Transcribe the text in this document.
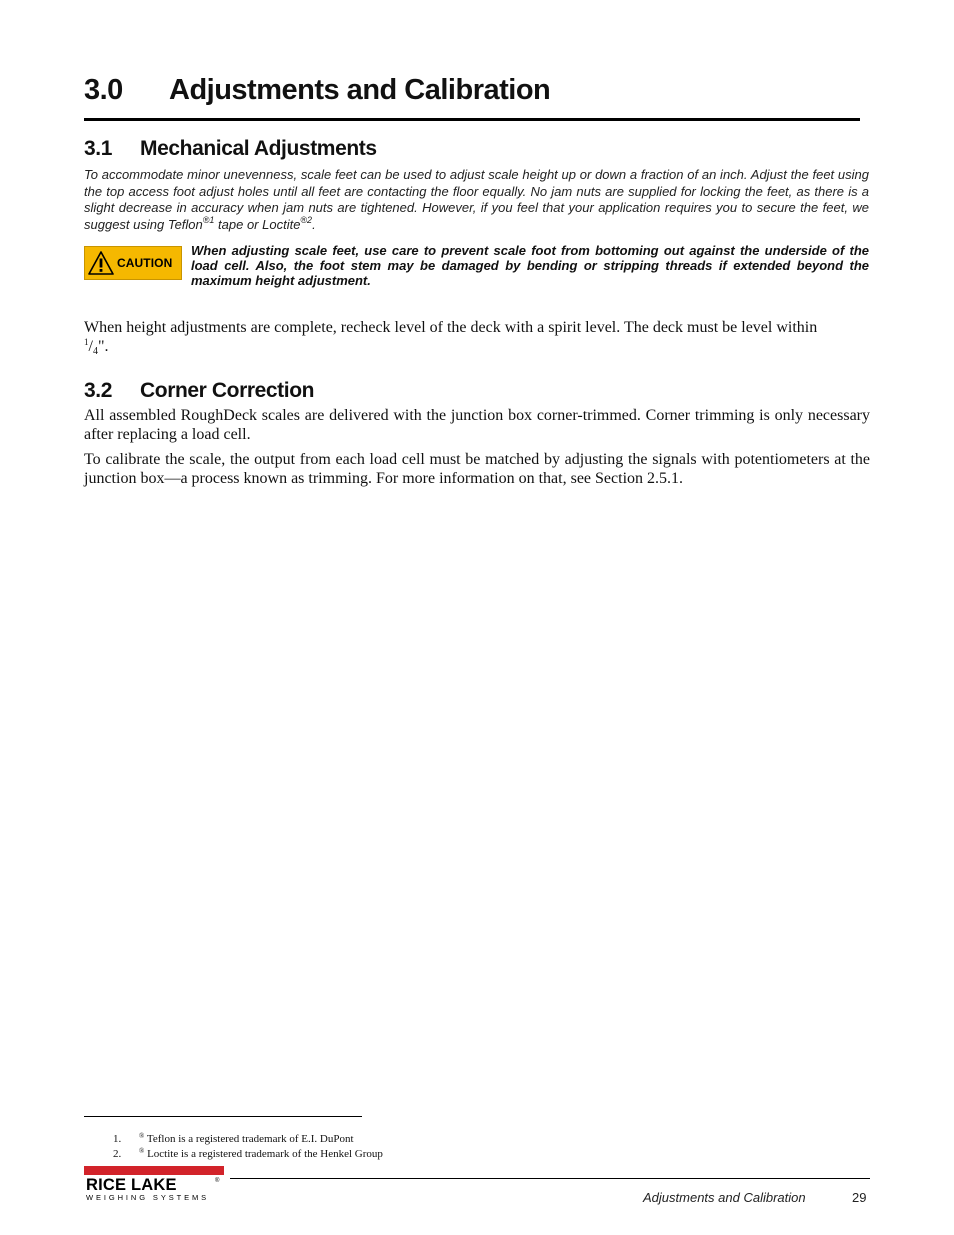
3.0 Adjustments and Calibration
3.1 Mechanical Adjustments

To accommodate minor unevenness, scale feet can be used to adjust scale height up or down a fraction of an inch. Adjust the feet using the top access foot adjust holes until all feet are contacting the floor equally. No jam nuts are supplied for locking the feet, as there is a slight decrease in accuracy when jam nuts are tightened. However, if you feel that your application requires you to secure the feet, we suggest using Teflon$^{®1}$ tape or Loctite$^{®2}$.

CAUTION

When adjusting scale feet, use care to prevent scale foot from bottoming out against the underside of the load cell. Also, the foot stem may be damaged by bending or stripping threads if extended beyond the maximum height adjustment.

When height adjustments are complete, recheck level of the deck with a spirit level. The deck must be level within
$^1/_4$".

3.2 Corner Correction

All assembled RoughDeck scales are delivered with the junction box corner-trimmed. Corner trimming is only necessary after replacing a load cell.

To calibrate the scale, the output from each load cell must be matched by adjusting the signals with potentiometers at the junction box—a process known as trimming. For more information on that, see Section 2.5.1.

1.	® Teflon is a registered trademark of E.I. DuPont
2.	® Loctite is a registered trademark of the Henkel Group
RICE LAKE	®
WEIGHING SYSTEMS	Adjustments and Calibration	29
